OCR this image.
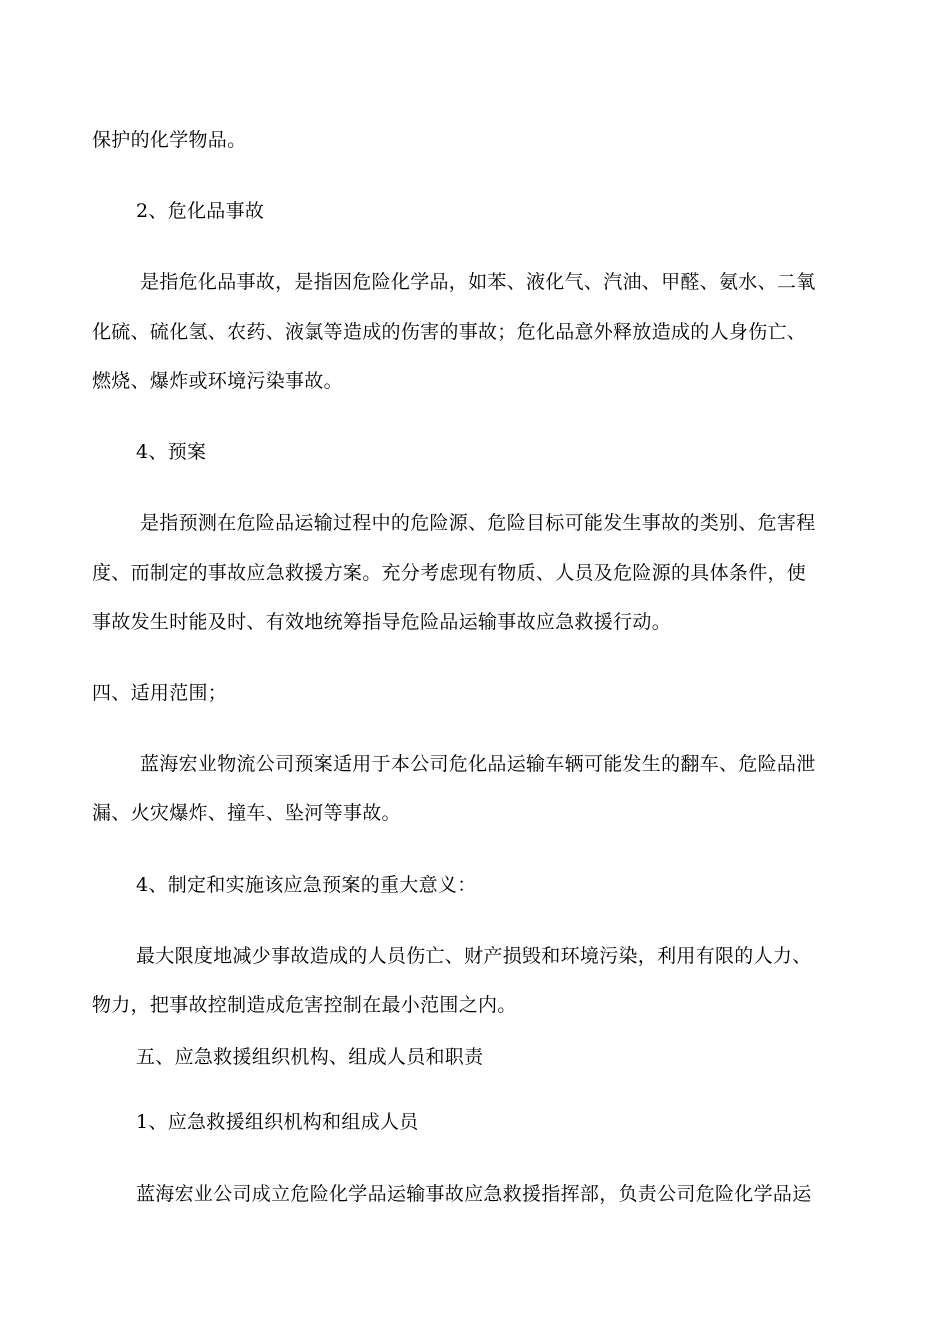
保护的化学物品。
2、危化品事故
是指危化品事故，是指因危险化学品，如苯、液化气、汽油、甲醛、氨水、二氧
化硫、硫化氢、农药、液氯等造成的伤害的事故；危化品意外释放造成的人身伤亡、
燃烧、爆炸或环境污染事故。
4、预案
是指预测在危险品运输过程中的危险源、危险目标可能发生事故的类别、危害程
度、而制定的事故应急救援方案。充分考虑现有物质、人员及危险源的具体条件，使
事故发生时能及时、有效地统筹指导危险品运输事故应急救援行动。
四、适用范围；
蓝海宏业物流公司预案适用于本公司危化品运输车辆可能发生的翻车、危险品泄
漏、火灾爆炸、撞车、坠河等事故。
4、制定和实施该应急预案的重大意义：
最大限度地减少事故造成的人员伤亡、财产损毁和环境污染，利用有限的人力、
物力，把事故控制造成危害控制在最小范围之内。
五、应急救援组织机构、组成人员和职责
1、应急救援组织机构和组成人员
蓝海宏业公司成立危险化学品运输事故应急救援指挥部，负责公司危险化学品运
